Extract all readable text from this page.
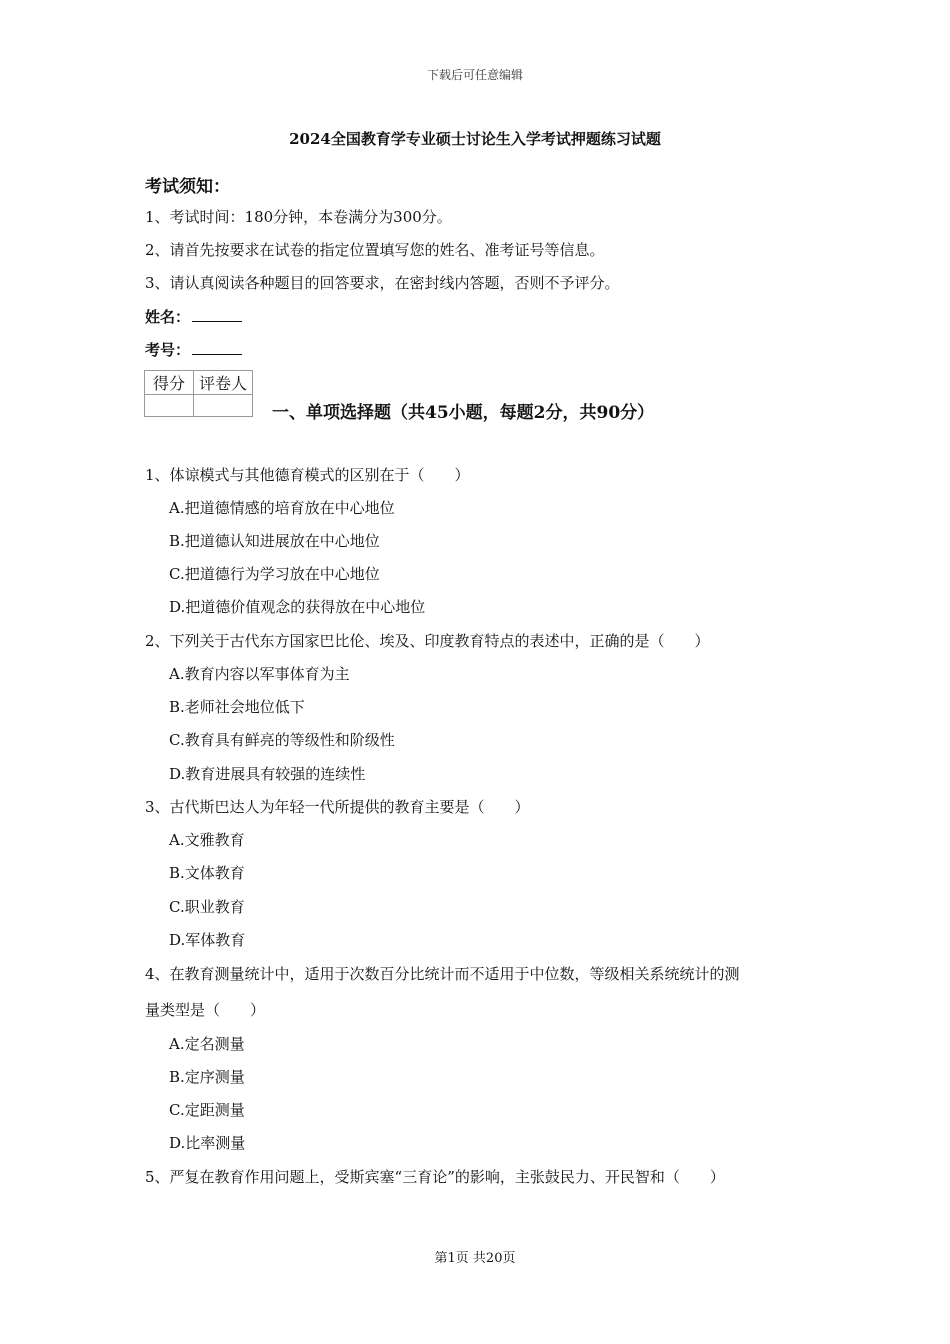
下载后可任意编辑
2024全国教育学专业硕士讨论生入学考试押题练习试题
考试须知：
1、考试时间：180分钟，本卷满分为300分。
2、请首先按要求在试卷的指定位置填写您的姓名、准考证号等信息。
3、请认真阅读各种题目的回答要求，在密封线内答题，否则不予评分。
姓名：
考号：
得分	评卷人

一、单项选择题（共45小题，每题2分，共90分）
1、体谅模式与其他德育模式的区别在于（　　）
A.把道德情感的培育放在中心地位
B.把道德认知进展放在中心地位
C.把道德行为学习放在中心地位
D.把道德价值观念的获得放在中心地位
2、下列关于古代东方国家巴比伦、埃及、印度教育特点的表述中，正确的是（　　）
A.教育内容以军事体育为主
B.老师社会地位低下
C.教育具有鲜亮的等级性和阶级性
D.教育进展具有较强的连续性
3、古代斯巴达人为年轻一代所提供的教育主要是（　　）
A.文雅教育
B.文体教育
C.职业教育
D.军体教育
4、在教育测量统计中，适用于次数百分比统计而不适用于中位数，等级相关系统统计的测
量类型是（　　）
A.定名测量
B.定序测量
C.定距测量
D.比率测量
5、严复在教育作用问题上，受斯宾塞“三育论”的影响，主张鼓民力、开民智和（　　）
第1页 共20页
